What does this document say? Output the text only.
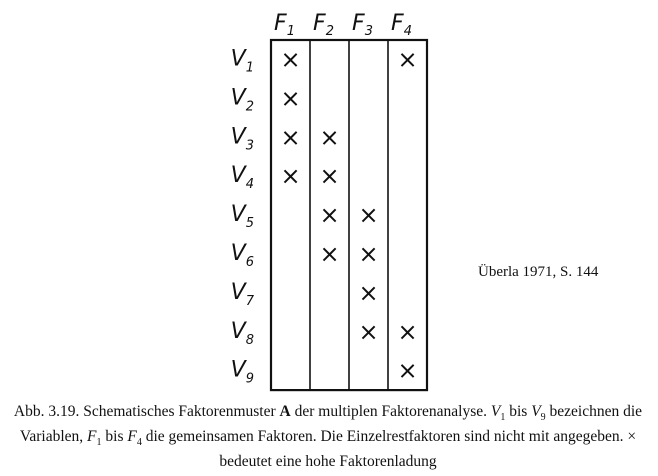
$F_1$ $F_2$ $F_3$ $F_4$
$V_1$
$V_2$
$V_3$
$V_4$
$V_5$
$V_6$
$V_7$
$V_8$
$V_9$
×	×
×
× ×
× ×
× ×
× ×
×
× ×
×
Überla 1971, S. 144
Abb. 3.19. Schematisches Faktorenmuster A der multiplen Faktorenanalyse. $V_1$ bis $V_9$ bezeichnen die Variablen, $F_1$ bis $F_4$ die gemeinsamen Faktoren. Die Einzelrestfaktoren sind nicht mit angegeben. × bedeutet eine hohe Faktorenladung
